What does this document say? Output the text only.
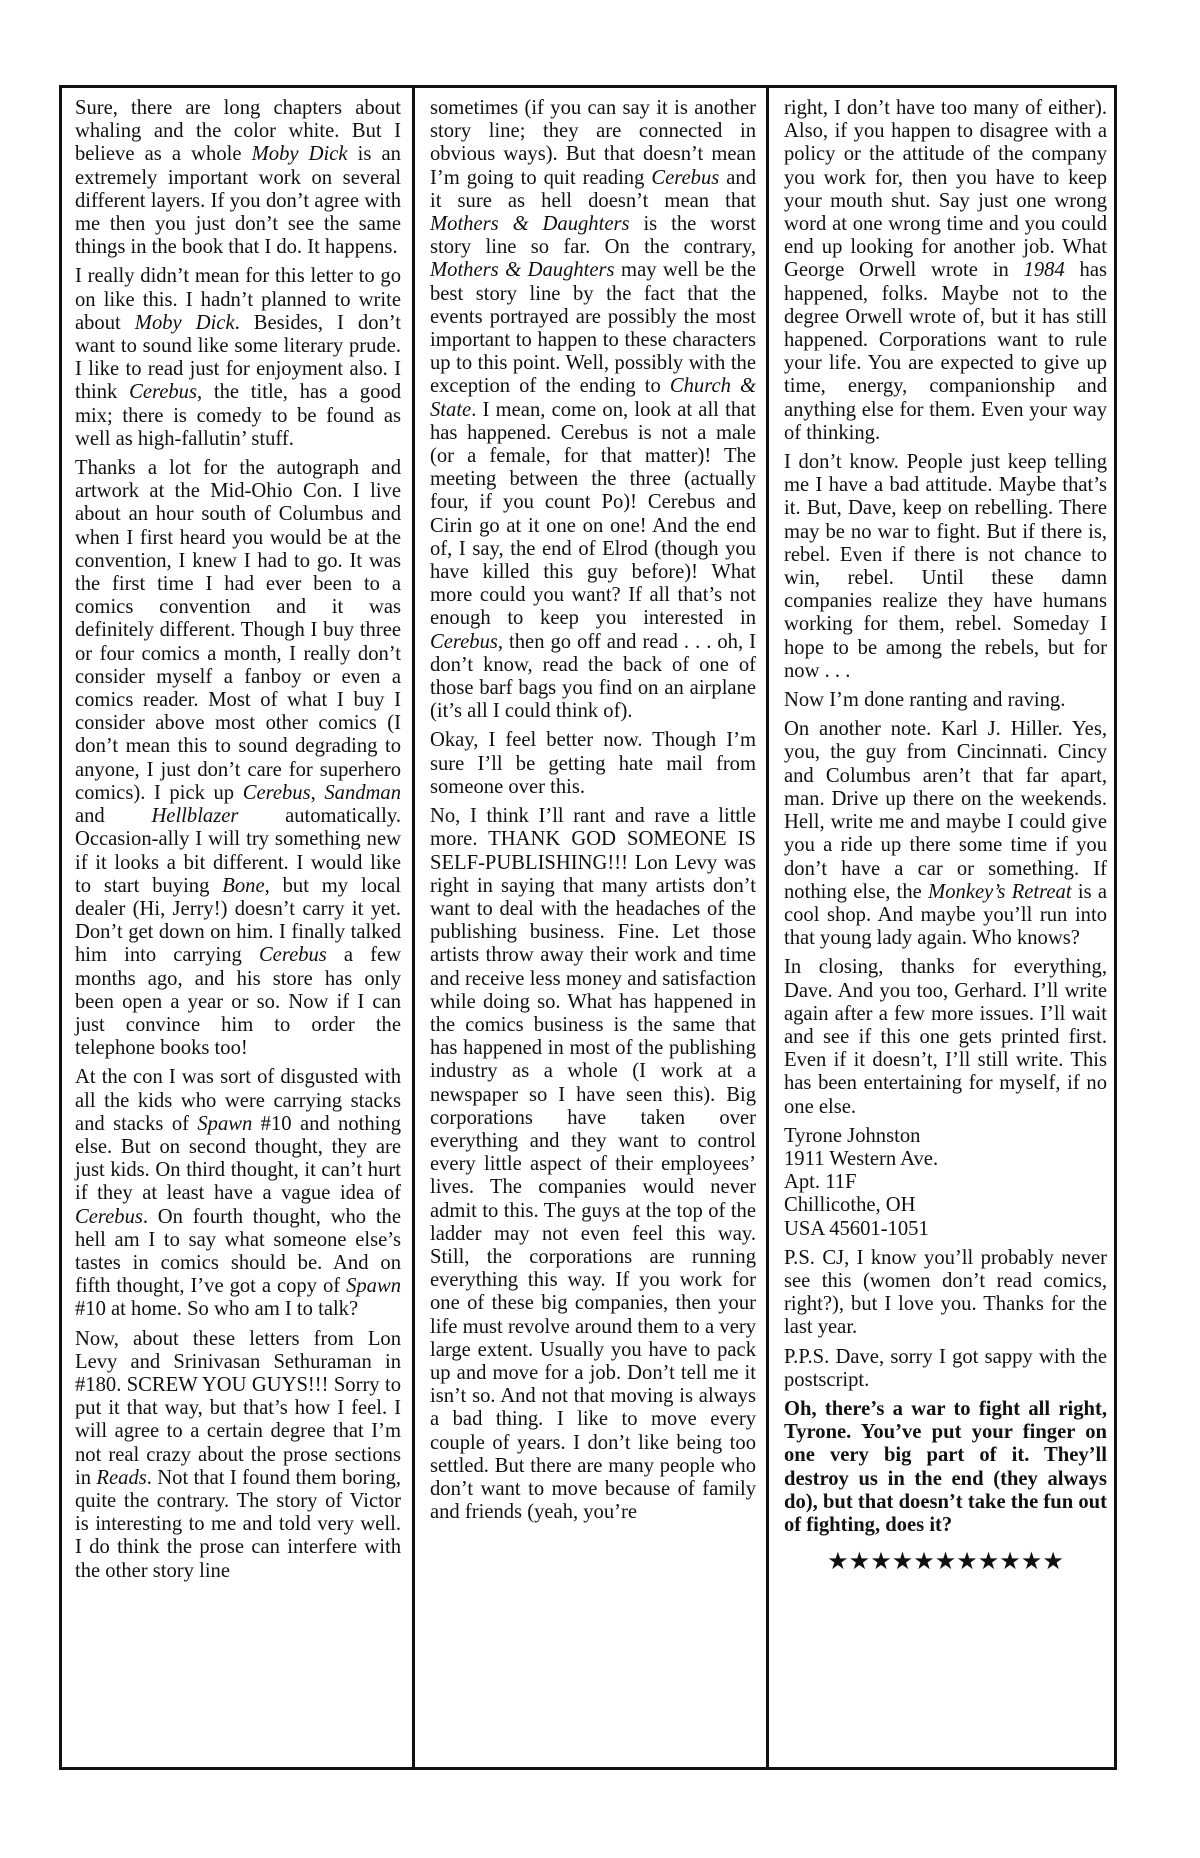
Sure, there are long chapters about whaling and the color white. But I believe as a whole Moby Dick is an extremely important work on several different layers. If you don’t agree with me then you just don’t see the same things in the book that I do. It happens.

I really didn’t mean for this letter to go on like this. I hadn’t planned to write about Moby Dick. Besides, I don’t want to sound like some literary prude. I like to read just for enjoyment also. I think Cerebus, the title, has a good mix; there is comedy to be found as well as high-fallutin’ stuff.

Thanks a lot for the autograph and artwork at the Mid-Ohio Con. I live about an hour south of Columbus and when I first heard you would be at the convention, I knew I had to go. It was the first time I had ever been to a comics convention and it was definitely different. Though I buy three or four comics a month, I really don’t consider myself a fanboy or even a comics reader. Most of what I buy I consider above most other comics (I don’t mean this to sound degrading to anyone, I just don’t care for superhero comics). I pick up Cerebus, Sandman and Hellblazer automatically. Occasion-ally I will try something new if it looks a bit different. I would like to start buying Bone, but my local dealer (Hi, Jerry!) doesn’t carry it yet. Don’t get down on him. I finally talked him into carrying Cerebus a few months ago, and his store has only been open a year or so. Now if I can just convince him to order the telephone books too!

At the con I was sort of disgusted with all the kids who were carrying stacks and stacks of Spawn #10 and nothing else. But on second thought, they are just kids. On third thought, it can’t hurt if they at least have a vague idea of Cerebus. On fourth thought, who the hell am I to say what someone else’s tastes in comics should be. And on fifth thought, I’ve got a copy of Spawn #10 at home. So who am I to talk?

Now, about these letters from Lon Levy and Srinivasan Sethuraman in #180. SCREW YOU GUYS!!! Sorry to put it that way, but that’s how I feel. I will agree to a certain degree that I’m not real crazy about the prose sections in Reads. Not that I found them boring, quite the contrary. The story of Victor is interesting to me and told very well. I do think the prose can interfere with the other story line

sometimes (if you can say it is another story line; they are connected in obvious ways). But that doesn’t mean I’m going to quit reading Cerebus and it sure as hell doesn’t mean that Mothers & Daughters is the worst story line so far. On the contrary, Mothers & Daughters may well be the best story line by the fact that the events portrayed are possibly the most important to happen to these characters up to this point. Well, possibly with the exception of the ending to Church & State. I mean, come on, look at all that has happened. Cerebus is not a male (or a female, for that matter)! The meeting between the three (actually four, if you count Po)! Cerebus and Cirin go at it one on one! And the end of, I say, the end of Elrod (though you have killed this guy before)! What more could you want? If all that’s not enough to keep you interested in Cerebus, then go off and read . . . oh, I don’t know, read the back of one of those barf bags you find on an airplane (it’s all I could think of).

Okay, I feel better now. Though I’m sure I’ll be getting hate mail from someone over this.

No, I think I’ll rant and rave a little more. THANK GOD SOMEONE IS SELF-PUBLISHING!!! Lon Levy was right in saying that many artists don’t want to deal with the headaches of the publishing business. Fine. Let those artists throw away their work and time and receive less money and satisfaction while doing so. What has happened in the comics business is the same that has happened in most of the publishing industry as a whole (I work at a newspaper so I have seen this). Big corporations have taken over everything and they want to control every little aspect of their employees’ lives. The companies would never admit to this. The guys at the top of the ladder may not even feel this way. Still, the corporations are running everything this way. If you work for one of these big companies, then your life must revolve around them to a very large extent. Usually you have to pack up and move for a job. Don’t tell me it isn’t so. And not that moving is always a bad thing. I like to move every couple of years. I don’t like being too settled. But there are many people who don’t want to move because of family and friends (yeah, you’re

right, I don’t have too many of either). Also, if you happen to disagree with a policy or the attitude of the company you work for, then you have to keep your mouth shut. Say just one wrong word at one wrong time and you could end up looking for another job. What George Orwell wrote in 1984 has happened, folks. Maybe not to the degree Orwell wrote of, but it has still happened. Corporations want to rule your life. You are expected to give up time, energy, companionship and anything else for them. Even your way of thinking.

I don’t know. People just keep telling me I have a bad attitude. Maybe that’s it. But, Dave, keep on rebelling. There may be no war to fight. But if there is, rebel. Even if there is not chance to win, rebel. Until these damn companies realize they have humans working for them, rebel. Someday I hope to be among the rebels, but for now . . .

Now I’m done ranting and raving.

On another note. Karl J. Hiller. Yes, you, the guy from Cincinnati. Cincy and Columbus aren’t that far apart, man. Drive up there on the weekends. Hell, write me and maybe I could give you a ride up there some time if you don’t have a car or something. If nothing else, the Monkey’s Retreat is a cool shop. And maybe you’ll run into that young lady again. Who knows?

In closing, thanks for everything, Dave. And you too, Gerhard. I’ll write again after a few more issues. I’ll wait and see if this one gets printed first. Even if it doesn’t, I’ll still write. This has been entertaining for myself, if no one else.

Tyrone Johnston
1911 Western Ave.
Apt. 11F
Chillicothe, OH
USA 45601-1051

P.S. CJ, I know you’ll probably never see this (women don’t read comics, right?), but I love you. Thanks for the last year.

P.P.S. Dave, sorry I got sappy with the postscript.

Oh, there’s a war to fight all right, Tyrone. You’ve put your finger on one very big part of it. They’ll destroy us in the end (they always do), but that doesn’t take the fun out of fighting, does it?

★★★★★★★★★★★
